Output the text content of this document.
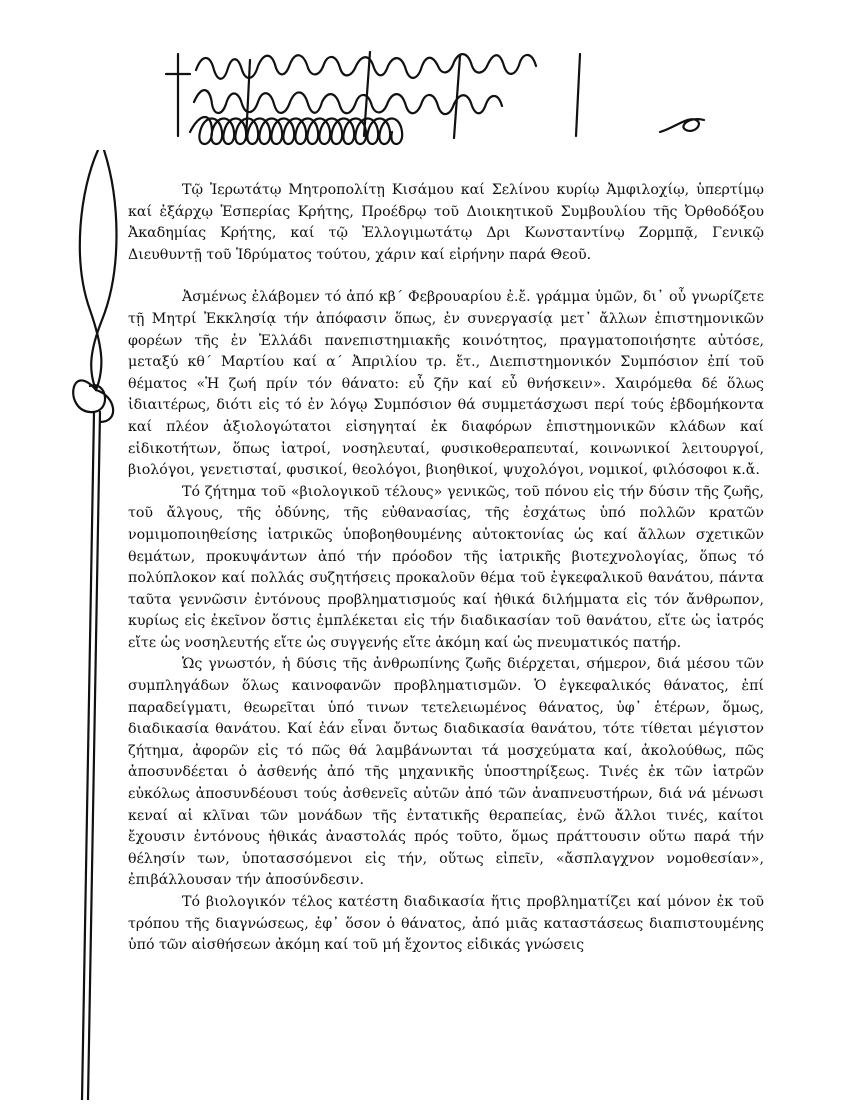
Τῷ Ἱερωτάτῳ Μητροπολίτῃ Κισάμου καί Σελίνου κυρίῳ Ἀμφιλοχίῳ, ὑπερτίμῳ καί ἐξάρχῳ Ἑσπερίας Κρήτης, Προέδρῳ τοῦ Διοικητικοῦ Συμβουλίου τῆς Ὀρθοδόξου Ἀκαδημίας Κρήτης, καί τῷ Ἐλλογιμωτάτῳ Δρι Κωνσταντίνῳ Ζορμπᾷ, Γενικῷ Διευθυντῇ τοῦ Ἱδρύματος τούτου, χάριν καί εἰρήνην παρά Θεοῦ.

Ἀσμένως ἐλάβομεν τό ἀπό κβ΄ Φεβρουαρίου ἐ.ἔ. γράμμα ὑμῶν, δι᾽ οὗ γνωρίζετε τῇ Μητρί Ἐκκλησίᾳ τήν ἀπόφασιν ὅπως, ἐν συνεργασίᾳ μετ᾽ ἄλλων ἐπιστημονικῶν φορέων τῆς ἐν Ἑλλάδι πανεπιστημιακῆς κοινότητος, πραγματοποιήσητε αὐτόσε, μεταξύ κθ΄ Μαρτίου καί α΄ Ἀπριλίου τρ. ἔτ., Διεπιστημονικόν Συμπόσιον ἐπί τοῦ θέματος «Ἡ ζωή πρίν τόν θάνατο: εὖ ζῆν καί εὖ θνήσκειν». Χαιρόμεθα δέ ὅλως ἰδιαιτέρως, διότι εἰς τό ἐν λόγῳ Συμπόσιον θά συμμετάσχωσι περί τούς ἑβδομήκοντα καί πλέον ἀξιολογώτατοι εἰσηγηταί ἐκ διαφόρων ἐπιστημονικῶν κλάδων καί εἰδικοτήτων, ὅπως ἰατροί, νοσηλευταί, φυσικοθεραπευταί, κοινωνικοί λειτουργοί, βιολόγοι, γενετισταί, φυσικοί, θεολόγοι, βιοηθικοί, ψυχολόγοι, νομικοί, φιλόσοφοι κ.ἄ.

Τό ζήτημα τοῦ «βιολογικοῦ τέλους» γενικῶς, τοῦ πόνου εἰς τήν δύσιν τῆς ζωῆς, τοῦ ἄλγους, τῆς ὀδύνης, τῆς εὐθανασίας, τῆς ἐσχάτως ὑπό πολλῶν κρατῶν νομιμοποιηθείσης ἰατρικῶς ὑποβοηθουμένης αὐτοκτονίας ὡς καί ἄλλων σχετικῶν θεμάτων, προκυψάντων ἀπό τήν πρόοδον τῆς ἰατρικῆς βιοτεχνολογίας, ὅπως τό πολύπλοκον καί πολλάς συζητήσεις προκαλοῦν θέμα τοῦ ἐγκεφαλικοῦ θανάτου, πάντα ταῦτα γεννῶσιν ἐντόνους προβληματισμούς καί ἠθικά διλήμματα εἰς τόν ἄνθρωπον, κυρίως εἰς ἐκεῖνον ὅστις ἐμπλέκεται εἰς τήν διαδικασίαν τοῦ θανάτου, εἴτε ὡς ἰατρός εἴτε ὡς νοσηλευτής εἴτε ὡς συγγενής εἴτε ἀκόμη καί ὡς πνευματικός πατήρ.

Ὡς γνωστόν, ἡ δύσις τῆς ἀνθρωπίνης ζωῆς διέρχεται, σήμερον, διά μέσου τῶν συμπληγάδων ὅλως καινοφανῶν προβληματισμῶν. Ὁ ἐγκεφαλικός θάνατος, ἐπί παραδείγματι, θεωρεῖται ὑπό τινων τετελειωμένος θάνατος, ὑφ᾽ ἑτέρων, ὅμως, διαδικασία θανάτου. Καί ἐάν εἶναι ὄντως διαδικασία θανάτου, τότε τίθεται μέγιστον ζήτημα, ἀφορῶν εἰς τό πῶς θά λαμβάνωνται τά μοσχεύματα καί, ἀκολούθως, πῶς ἀποσυνδέεται ὁ ἀσθενής ἀπό τῆς μηχανικῆς ὑποστηρίξεως. Τινές ἐκ τῶν ἰατρῶν εὐκόλως ἀποσυνδέουσι τούς ἀσθενεῖς αὐτῶν ἀπό τῶν ἀναπνευστήρων, διά νά μένωσι κεναί αἱ κλῖναι τῶν μονάδων τῆς ἐντατικῆς θεραπείας, ἐνῶ ἄλλοι τινές, καίτοι ἔχουσιν ἐντόνους ἠθικάς ἀναστολάς πρός τοῦτο, ὅμως πράττουσιν οὕτω παρά τήν θέλησίν των, ὑποτασσόμενοι εἰς τήν, οὕτως εἰπεῖν, «ἄσπλαγχνον νομοθεσίαν», ἐπιβάλλουσαν τήν ἀποσύνδεσιν.

Τό βιολογικόν τέλος κατέστη διαδικασία ἥτις προβληματίζει καί μόνον ἐκ τοῦ τρόπου τῆς διαγνώσεως, ἐφ᾽ ὅσον ὁ θάνατος, ἀπό μιᾶς καταστάσεως διαπιστουμένης ὑπό τῶν αἰσθήσεων ἀκόμη καί τοῦ μή ἔχοντος εἰδικάς γνώσεις
